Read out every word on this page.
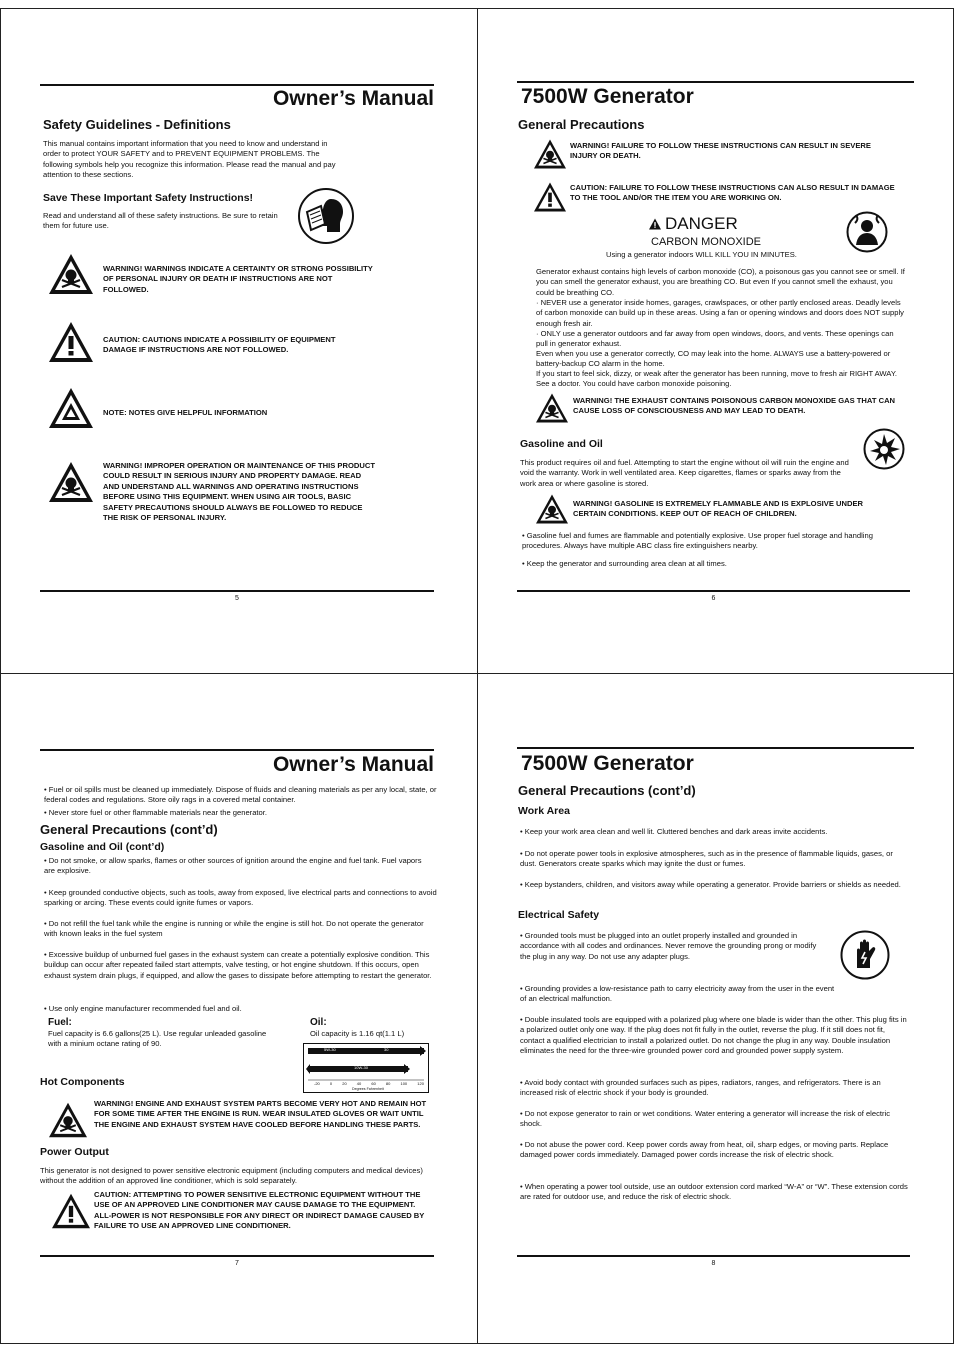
Owner’s Manual
Safety Guidelines - Definitions
This manual contains important information that you need to know and understand in order to protect YOUR SAFETY and to PREVENT EQUIPMENT PROBLEMS. The following symbols help you recognize this information. Please read the manual and pay attention to these sections.
Save These Important Safety Instructions!
Read and understand all of these safety instructions. Be sure to retain them for future use.
WARNING! WARNINGS INDICATE A CERTAINTY OR STRONG POSSIBILITY OF PERSONAL INJURY OR DEATH IF INSTRUCTIONS ARE NOT FOLLOWED.
CAUTION: CAUTIONS INDICATE A POSSIBILITY OF EQUIPMENT DAMAGE IF INSTRUCTIONS ARE NOT FOLLOWED.
NOTE: NOTES GIVE HELPFUL INFORMATION
WARNING! IMPROPER OPERATION OR MAINTENANCE OF THIS PRODUCT COULD RESULT IN SERIOUS INJURY AND PROPERTY DAMAGE. READ AND UNDERSTAND ALL WARNINGS AND OPERATING INSTRUCTIONS BEFORE USING THIS EQUIPMENT. WHEN USING AIR TOOLS, BASIC SAFETY PRECAUTIONS SHOULD ALWAYS BE FOLLOWED TO REDUCE THE RISK OF PERSONAL INJURY.
5
7500W Generator
General Precautions
WARNING! FAILURE TO FOLLOW THESE INSTRUCTIONS CAN RESULT IN SEVERE INJURY OR DEATH.
CAUTION: FAILURE TO FOLLOW THESE INSTRUCTIONS CAN ALSO RESULT IN DAMAGE TO THE TOOL AND/OR THE ITEM YOU ARE WORKING ON.
DANGER
CARBON MONOXIDE
Using a generator indoors WILL KILL YOU IN MINUTES.
Generator exhaust contains high levels of carbon monoxide (CO), a poisonous gas you cannot see or smell. If you can smell the generator exhaust, you are breathing CO. But even If you cannot smell the exhaust, you could be breathing CO.
· NEVER use a generator inside homes, garages, crawlspaces, or other partly enclosed areas. Deadly levels of carbon monoxide can build up in these areas. Using a fan or opening windows and doors does NOT supply enough fresh air.
· ONLY use a generator outdoors and far away from open windows, doors, and vents. These openings can pull in generator exhaust.
Even when you use a generator correctly, CO may leak into the home. ALWAYS use a battery-powered or battery-backup CO alarm in the home.
If you start to feel sick, dizzy, or weak after the generator has been running, move to fresh air RIGHT AWAY. See a doctor. You could have carbon monoxide poisoning.
WARNING! THE EXHAUST CONTAINS POISONOUS CARBON MONOXIDE GAS THAT CAN CAUSE LOSS OF CONSCIOUSNESS AND MAY LEAD TO DEATH.
Gasoline and Oil
This product requires oil and fuel. Attempting to start the engine without oil will ruin the engine and void the warranty. Work in well ventilated area. Keep cigarettes, flames or sparks away from the work area or where gasoline is stored.
WARNING! GASOLINE IS EXTREMELY FLAMMABLE AND IS EXPLOSIVE UNDER CERTAIN CONDITIONS. KEEP OUT OF REACH OF CHILDREN.
• Gasoline fuel and fumes are flammable and potentially explosive. Use proper fuel storage and handling procedures. Always have multiple ABC class fire extinguishers nearby.
• Keep the generator and surrounding area clean at all times.
6
Owner’s Manual
• Fuel or oil spills must be cleaned up immediately. Dispose of fluids and cleaning materials as per any local, state, or federal codes and regulations. Store oily rags in a covered metal container.
• Never store fuel or other flammable materials near the generator.
General Precautions (cont’d)
Gasoline and Oil (cont’d)
• Do not smoke, or allow sparks, flames or other sources of ignition around the engine and fuel tank. Fuel vapors are explosive.
• Keep grounded conductive objects, such as tools, away from exposed, live electrical parts and connections to avoid sparking or arcing. These events could ignite fumes or vapors.
• Do not refill the fuel tank while the engine is running or while the engine is still hot. Do not operate the generator with known leaks in the fuel system
• Excessive buildup of unburned fuel gases in the exhaust system can create a potentially explosive condition. This buildup can occur after repeated failed start attempts, valve testing, or hot engine shutdown. If this occurs, open exhaust system drain plugs, if equipped, and allow the gases to dissipate before attempting to restart the generator.
• Use only engine manufacturer recommended fuel and oil.
Fuel:
Fuel capacity is 6.6 gallons(25 L). Use regular unleaded gasoline with a minium octane rating of 90.
Oil:
Oil capacity is 1.16 qt(1.1 L)
5W-30	30
10W-30
-20	0	20	40	60	80	100	120
Degrees Fahrenheit
Hot Components
WARNING! ENGINE AND EXHAUST SYSTEM PARTS BECOME VERY HOT AND REMAIN HOT FOR SOME TIME AFTER THE ENGINE IS RUN. WEAR INSULATED GLOVES OR WAIT UNTIL THE ENGINE AND EXHAUST SYSTEM HAVE COOLED BEFORE HANDLING THESE PARTS.
Power Output
This generator is not designed to power sensitive electronic equipment (including computers and medical devices) without the addition of an approved line conditioner, which is sold separately.
CAUTION: ATTEMPTING TO POWER SENSITIVE ELECTRONIC EQUIPMENT WITHOUT THE USE OF AN APPROVED LINE CONDITIONER MAY CAUSE DAMAGE TO THE EQUIPMENT. ALL-POWER IS NOT RESPONSIBLE FOR ANY DIRECT OR INDIRECT DAMAGE CAUSED BY FAILURE TO USE AN APPROVED LINE CONDITIONER.
7
7500W Generator
General Precautions (cont’d)
Work Area
• Keep your work area clean and well lit. Cluttered benches and dark areas invite accidents.
• Do not operate power tools in explosive atmospheres, such as in the presence of flammable liquids, gases, or dust. Generators create sparks which may ignite the dust or fumes.
• Keep bystanders, children, and visitors away while operating a generator. Provide barriers or shields as needed.
Electrical Safety
• Grounded tools must be plugged into an outlet properly installed and grounded in accordance with all codes and ordinances. Never remove the grounding prong or modify the plug in any way. Do not use any adapter plugs.
• Grounding provides a low-resistance path to carry electricity away from the user in the event of an electrical malfunction.
• Double insulated tools are equipped with a polarized plug where one blade is wider than the other. This plug fits in a polarized outlet only one way. If the plug does not fit fully in the outlet, reverse the plug. If it still does not fit, contact a qualified electrician to install a polarized outlet. Do not change the plug in any way. Double insulation eliminates the need for the three-wire grounded power cord and grounded power supply system.
• Avoid body contact with grounded surfaces such as pipes, radiators, ranges, and refrigerators. There is an increased risk of electric shock if your body is grounded.
• Do not expose generator to rain or wet conditions. Water entering a generator will increase the risk of electric shock.
• Do not abuse the power cord. Keep power cords away from heat, oil, sharp edges, or moving parts. Replace damaged power cords immediately. Damaged power cords increase the risk of electric shock.
• When operating a power tool outside, use an outdoor extension cord marked “W-A” or “W”. These extension cords are rated for outdoor use, and reduce the risk of electric shock.
8
